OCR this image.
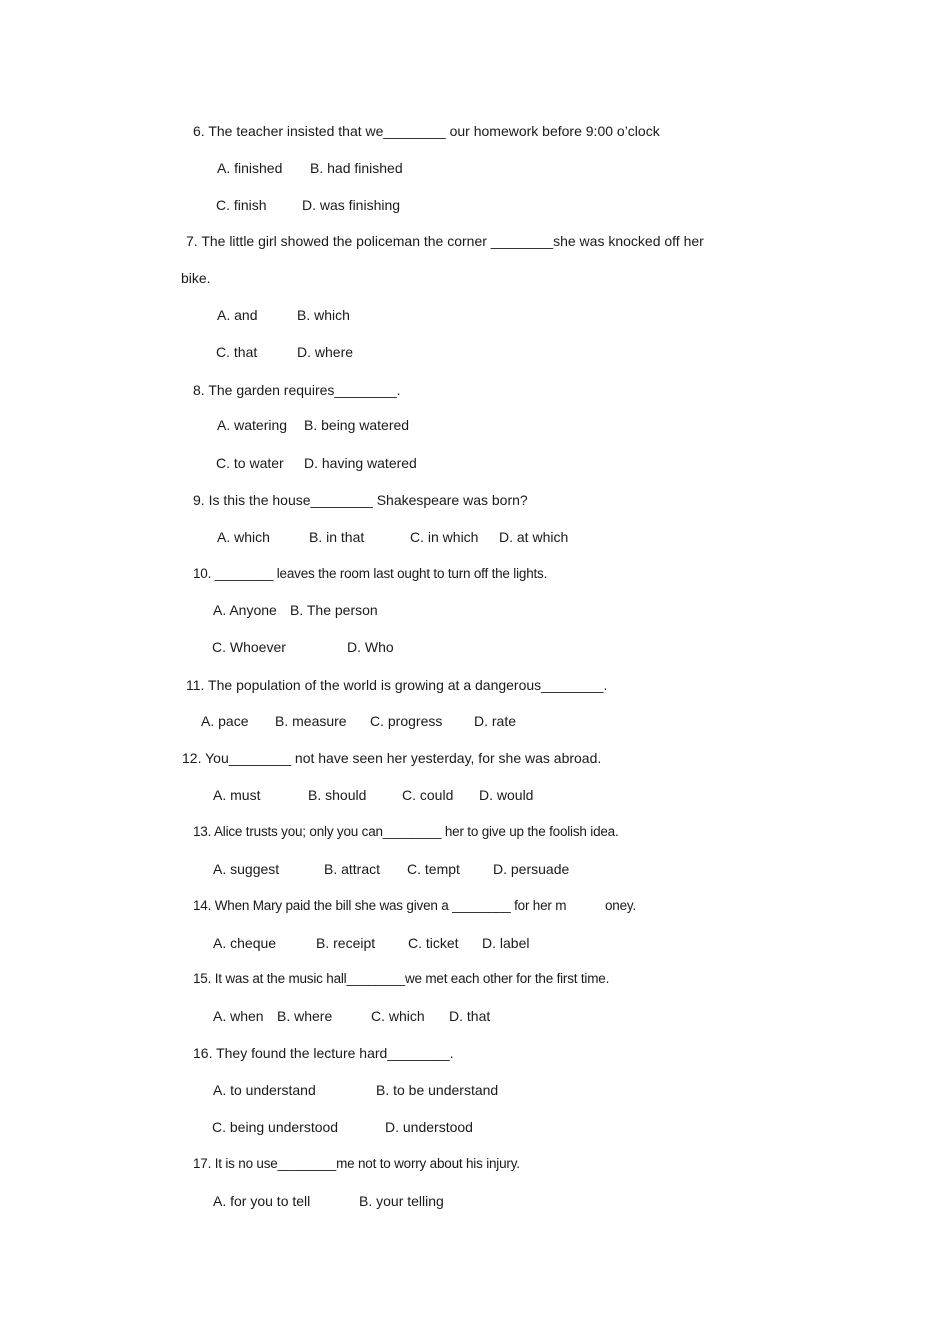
6. The teacher insisted that we________ our homework before 9:00 o’clock
A. finished B. had finished
C. finish	D. was finishing
7. The little girl showed the policeman the corner ________she was knocked off her
bike.
A. and	B. which
C. that	D. where
8. The garden requires________.
A. watering B. being watered
C. to water D. having watered
9. Is this the house________ Shakespeare was born?
A. which	B. in that	C. in which D. at which
10. ________ leaves the room last ought to turn off the lights.
A. Anyone B. The person
C. Whoever	D. Who
11. The population of the world is growing at a dangerous________.
A. pace B. measure C. progress D. rate
12. You________ not have seen her yesterday, for she was abroad.
A. must	B. should	C. could D. would
13. Alice trusts you; only you can________ her to give up the foolish idea.
A. suggest	B. attract C. tempt D. persuade
14. When Mary paid the bill she was given a ________ for her m	oney.
A. cheque	B. receipt C. ticket D. label
15. It was at the music hall________we met each other for the first time.
A. when B. where	C. which D. that
16. They found the lecture hard________.
A. to understand	B. to be understand
C. being understood	D. understood
17. It is no use________me not to worry about his injury.
A. for you to tell	B. your telling
